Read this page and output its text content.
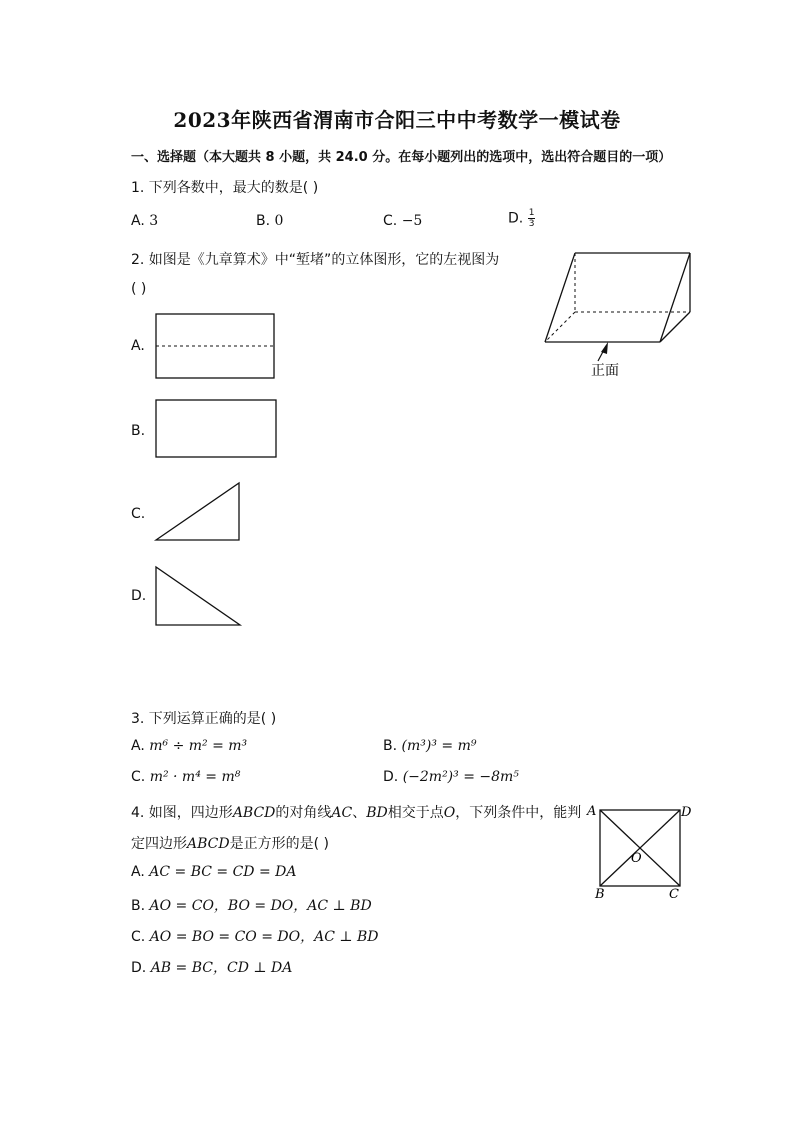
2023年陕西省渭南市合阳三中中考数学一模试卷
一、选择题（本大题共 8 小题，共 24.0 分。在每小题列出的选项中，选出符合题目的一项）
1. 下列各数中，最大的数是( )
A. 3	B. 0	C. −5	D. $\frac{1}{3}$
2. 如图是《九章算术》中“堑堵”的立体图形，它的左视图为
( )
正面
A.
B.
C.
D.
3. 下列运算正确的是( )
A. m⁶ ÷ m² = m³	B. (m³)³ = m⁹
C. m² · m⁴ = m⁸	D. (−2m²)³ = −8m⁵
4. 如图，四边形ABCD的对角线AC、BD相交于点O，下列条件中，能判
定四边形ABCD是正方形的是( )
A. AC = BC = CD = DA
B. AO = CO，BO = DO，AC ⊥ BD
C. AO = BO = CO = DO，AC ⊥ BD
D. AB = BC，CD ⊥ DA
A	D
B	C
O
